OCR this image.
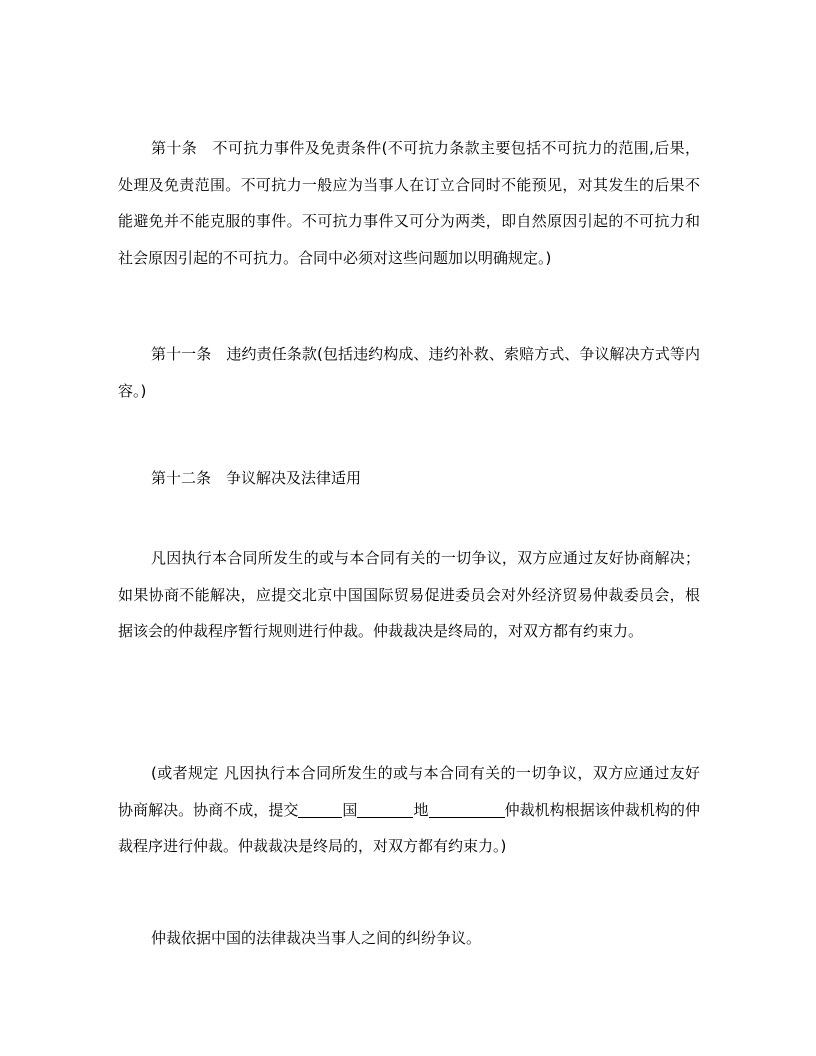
第十条　不可抗力事件及免责条件(不可抗力条款主要包括不可抗力的范围,后果，处理及免责范围。不可抗力一般应为当事人在订立合同时不能预见，对其发生的后果不能避免并不能克服的事件。不可抗力事件又可分为两类，即自然原因引起的不可抗力和社会原因引起的不可抗力。合同中必须对这些问题加以明确规定。)

第十一条　违约责任条款(包括违约构成、违约补救、索赔方式、争议解决方式等内容。)

第十二条　争议解决及法律适用

凡因执行本合同所发生的或与本合同有关的一切争议，双方应通过友好协商解决；如果协商不能解决，应提交北京中国国际贸易促进委员会对外经济贸易仲裁委员会，根据该会的仲裁程序暂行规则进行仲裁。仲裁裁决是终局的，对双方都有约束力。

(或者规定 凡因执行本合同所发生的或与本合同有关的一切争议，双方应通过友好协商解决。协商不成，提交	国	地	仲裁机构根据该仲裁机构的仲裁程序进行仲裁。仲裁裁决是终局的，对双方都有约束力。)

仲裁依据中国的法律裁决当事人之间的纠纷争议。
